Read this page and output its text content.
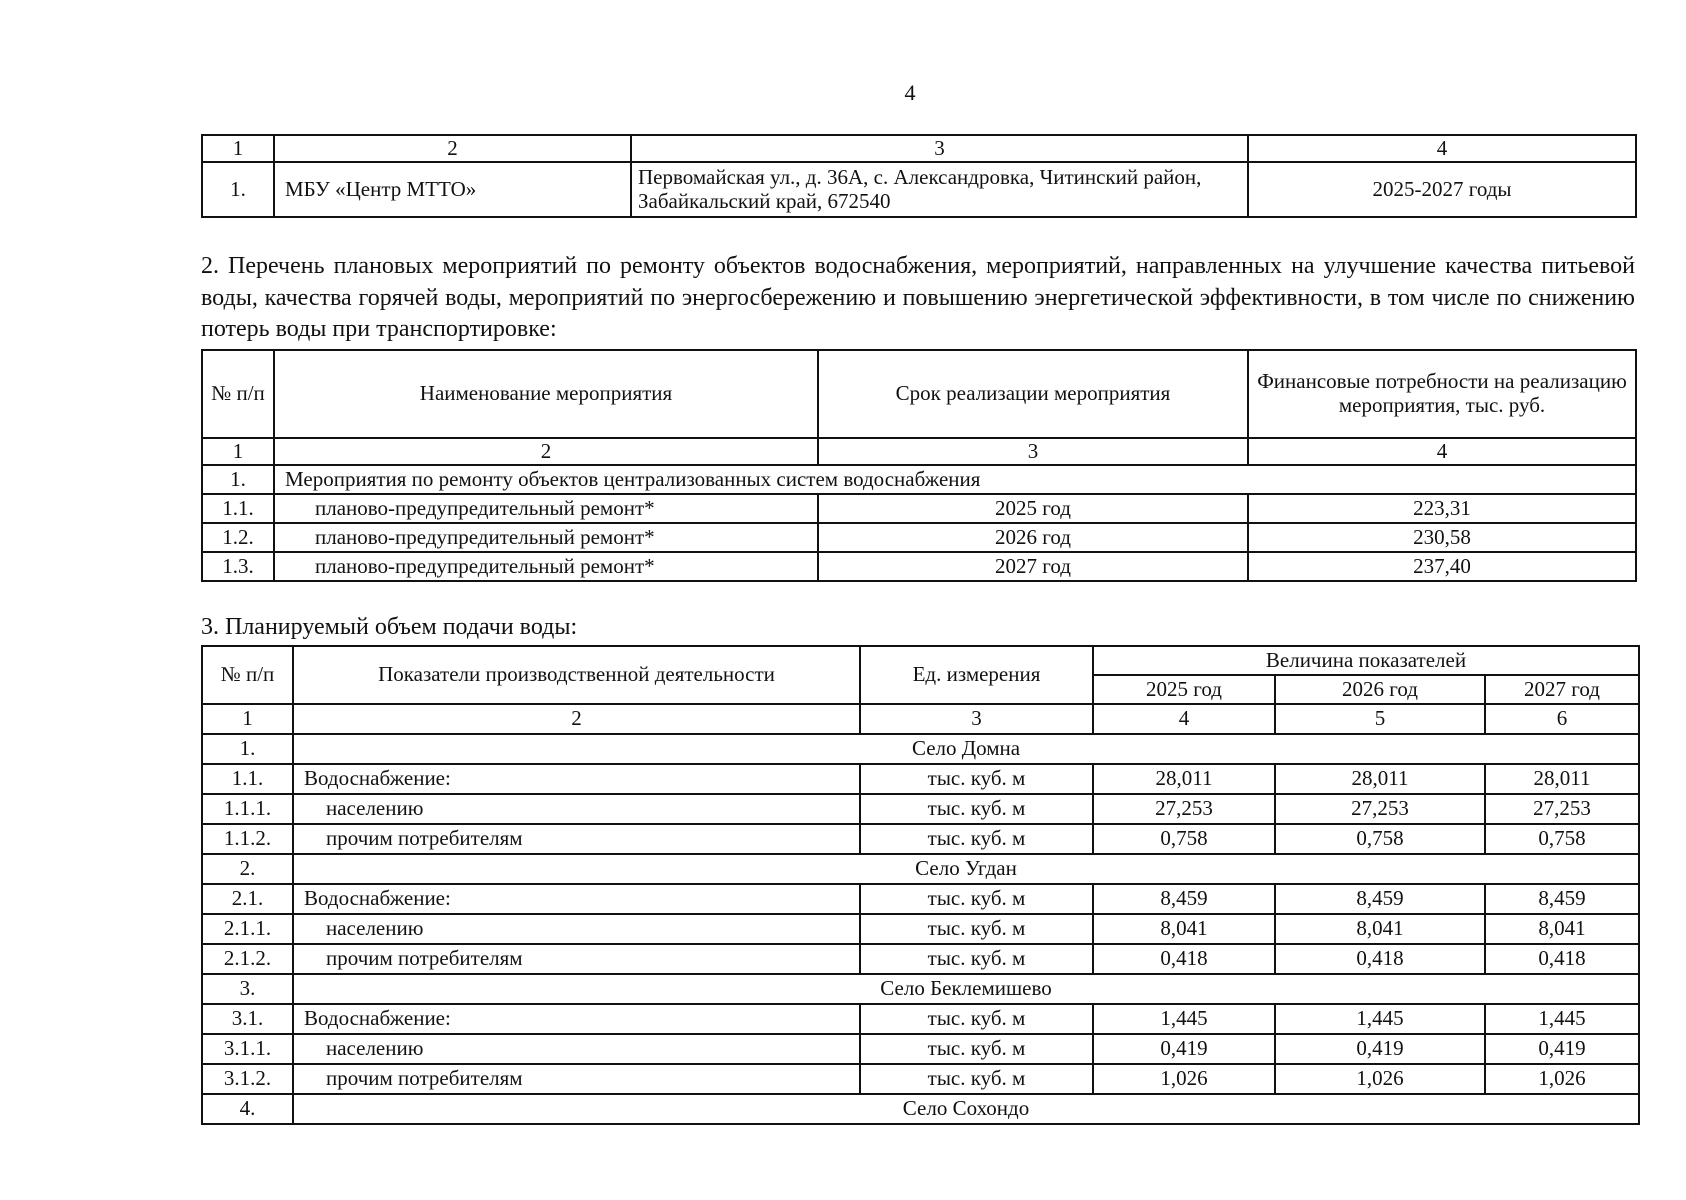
4
1	2	3	4
1.	МБУ «Центр МТТО»	Первомайская ул., д. 36А, с. Александровка, Читинский район, Забайкальский край, 672540	2025-2027 годы
2. Перечень плановых мероприятий по ремонту объектов водоснабжения, мероприятий, направленных на улучшение качества питьевой воды, качества горячей воды, мероприятий по энергосбережению и повышению энергетической эффективности, в том числе по снижению потерь воды при транспортировке:
№ п/п	Наименование мероприятия	Срок реализации мероприятия	Финансовые потребности на реализацию мероприятия, тыс. руб.
1	2	3	4
1.	Мероприятия по ремонту объектов централизованных систем водоснабжения		
1.1.	планово-предупредительный ремонт*	2025 год	223,31
1.2.	планово-предупредительный ремонт*	2026 год	230,58
1.3.	планово-предупредительный ремонт*	2027 год	237,40
3. Планируемый объем подачи воды:
№ п/п	Показатели производственной деятельности	Ед. измерения	Величина показателей		
			2025 год	2026 год	2027 год
1	2	3	4	5	6
1.	Село Домна				
1.1.	Водоснабжение:	тыс. куб. м	28,011	28,011	28,011
1.1.1.	населению	тыс. куб. м	27,253	27,253	27,253
1.1.2.	прочим потребителям	тыс. куб. м	0,758	0,758	0,758
2.	Село Угдан				
2.1.	Водоснабжение:	тыс. куб. м	8,459	8,459	8,459
2.1.1.	населению	тыс. куб. м	8,041	8,041	8,041
2.1.2.	прочим потребителям	тыс. куб. м	0,418	0,418	0,418
3.	Село Беклемишево				
3.1.	Водоснабжение:	тыс. куб. м	1,445	1,445	1,445
3.1.1.	населению	тыс. куб. м	0,419	0,419	0,419
3.1.2.	прочим потребителям	тыс. куб. м	1,026	1,026	1,026
4.	Село Сохондо				
